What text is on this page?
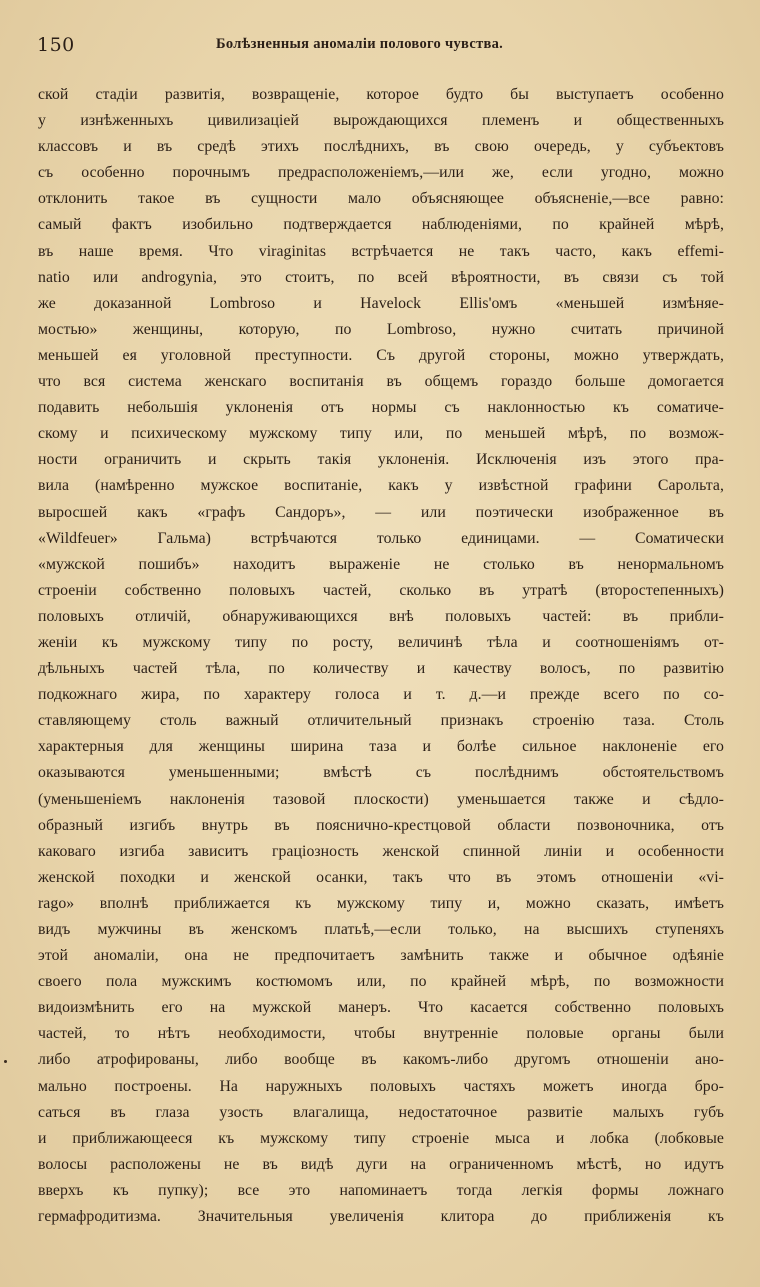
150	Болѣзненныя аномаліи полового чувства.
ской стадіи развитія, возвращеніе, которое будто бы выступаетъ особенно
у изнѣженныхъ цивилизаціей вырождающихся племенъ и общественныхъ
классовъ и въ средѣ этихъ послѣднихъ, въ свою очередь, у субъектовъ
съ особенно порочнымъ предрасположеніемъ,—или же, если угодно, можно
отклонить такое въ сущности мало объясняющее объясненіе,—все равно:
самый фактъ изобильно подтверждается наблюденіями, по крайней мѣрѣ,
въ наше время. Что viraginitas встрѣчается не такъ часто, какъ effemi-
natio или androgynia, это стоитъ, по всей вѣроятности, въ связи съ той
же доказанной Lombroso и Havelock Ellis'омъ «меньшей измѣняе-
мостью» женщины, которую, по Lombroso, нужно считать причиной
меньшей ея уголовной преступности. Съ другой стороны, можно утверждать,
что вся система женскаго воспитанія въ общемъ гораздо больше домогается
подавить небольшія уклоненія отъ нормы съ наклонностью къ соматиче-
скому и психическому мужскому типу или, по меньшей мѣрѣ, по возмож-
ности ограничить и скрыть такія уклоненія. Исключенія изъ этого пра-
вила (намѣренно мужское воспитаніе, какъ у извѣстной графини Сарольта,
выросшей какъ «графъ Сандоръ», — или поэтически изображенное въ
«Wildfeuer» Гальма) встрѣчаются только единицами. — Соматически
«мужской пошибъ» находитъ выраженіе не столько въ ненормальномъ
строеніи собственно половыхъ частей, сколько въ утратѣ (второстепенныхъ)
половыхъ отличій, обнаруживающихся внѣ половыхъ частей: въ прибли-
женіи къ мужскому типу по росту, величинѣ тѣла и соотношеніямъ от-
дѣльныхъ частей тѣла, по количеству и качеству волосъ, по развитію
подкожнаго жира, по характеру голоса и т. д.—и прежде всего по со-
ставляющему столь важный отличительный признакъ строенію таза. Столь
характерныя для женщины ширина таза и болѣе сильное наклоненіе его
оказываются уменьшенными; вмѣстѣ съ послѣднимъ обстоятельствомъ
(уменьшеніемъ наклоненія тазовой плоскости) уменьшается также и сѣдло-
образный изгибъ внутрь въ пояснично-крестцовой области позвоночника, отъ
каковаго изгиба зависитъ граціозность женской спинной линіи и особенности
женской походки и женской осанки, такъ что въ этомъ отношеніи «vi-
rago» вполнѣ приближается къ мужскому типу и, можно сказать, имѣетъ
видъ мужчины въ женскомъ платьѣ,—если только, на высшихъ ступеняхъ
этой аномаліи, она не предпочитаетъ замѣнить также и обычное одѣяніе
своего пола мужскимъ костюмомъ или, по крайней мѣрѣ, по возможности
видоизмѣнить его на мужской манеръ. Что касается собственно половыхъ
частей, то нѣтъ необходимости, чтобы внутренніе половые органы были
либо атрофированы, либо вообще въ какомъ-либо другомъ отношеніи ано-
мально построены. На наружныхъ половыхъ частяхъ можетъ иногда бро-
саться въ глаза узость влагалища, недостаточное развитіе малыхъ губъ
и приближающееся къ мужскому типу строеніе мыса и лобка (лобковые
волосы расположены не въ видѣ дуги на ограниченномъ мѣстѣ, но идутъ
вверхъ къ пупку); все это напоминаетъ тогда легкія формы ложнаго
гермафродитизма. Значительныя увеличенія клитора до приближенія къ
